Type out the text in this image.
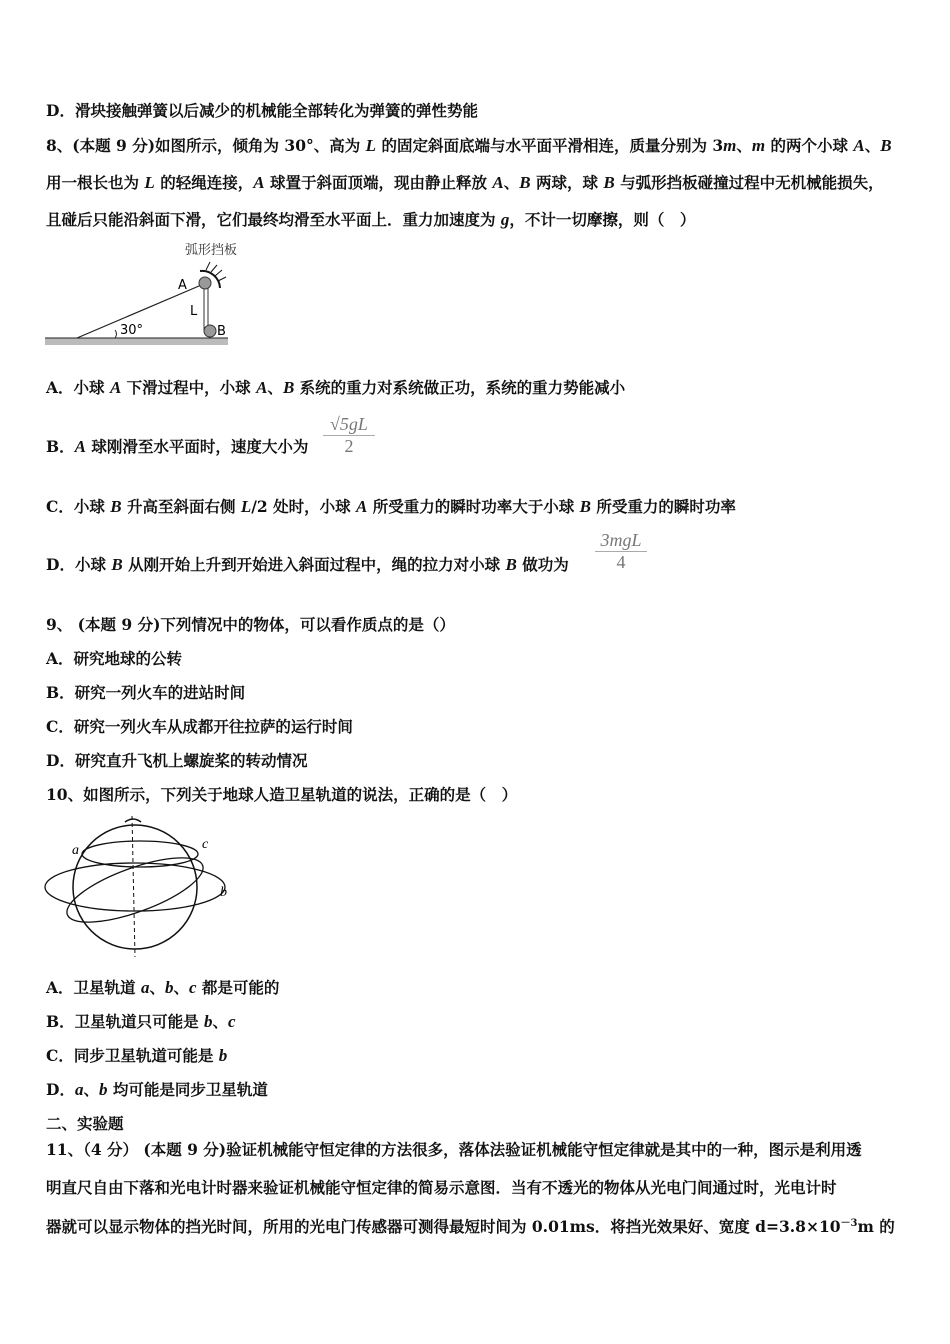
D．滑块接触弹簧以后减少的机械能全部转化为弹簧的弹性势能
8、(本题 9 分)如图所示，倾角为 30°、高为 L 的固定斜面底端与水平面平滑相连，质量分别为 3m、m 的两个小球 A、B
用一根长也为 L 的轻绳连接，A 球置于斜面顶端，现由静止释放 A、B 两球，球 B 与弧形挡板碰撞过程中无机械能损失，
且碰后只能沿斜面下滑，它们最终均滑至水平面上．重力加速度为 g，不计一切摩擦，则（　）
A．小球 A 下滑过程中，小球 A、B 系统的重力对系统做正功，系统的重力势能减小
B．A 球刚滑至水平面时，速度大小为
C．小球 B 升高至斜面右侧 L/2 处时，小球 A 所受重力的瞬时功率大于小球 B 所受重力的瞬时功率
D．小球 B 从刚开始上升到开始进入斜面过程中，绳的拉力对小球 B 做功为
9、 (本题 9 分)下列情况中的物体，可以看作质点的是（）
A．研究地球的公转
B．研究一列火车的进站时间
C．研究一列火车从成都开往拉萨的运行时间
D．研究直升飞机上螺旋桨的转动情况
10、如图所示，下列关于地球人造卫星轨道的说法，正确的是（　）
A．卫星轨道 a、b、c 都是可能的
B．卫星轨道只可能是 b、c
C．同步卫星轨道可能是 b
D．a、b 均可能是同步卫星轨道
二、实验题
11、（4 分） (本题 9 分)验证机械能守恒定律的方法很多，落体法验证机械能守恒定律就是其中的一种，图示是利用透
明直尺自由下落和光电计时器来验证机械能守恒定律的简易示意图．当有不透光的物体从光电门间通过时，光电计时
器就可以显示物体的挡光时间，所用的光电门传感器可测得最短时间为 0.01ms．将挡光效果好、宽度 $d=3.8\times 10^{-3}m$ 的
弧形挡板
A
L
B
30°
$\frac{√5gL}{2}$
3mgL
4
a	c
b
